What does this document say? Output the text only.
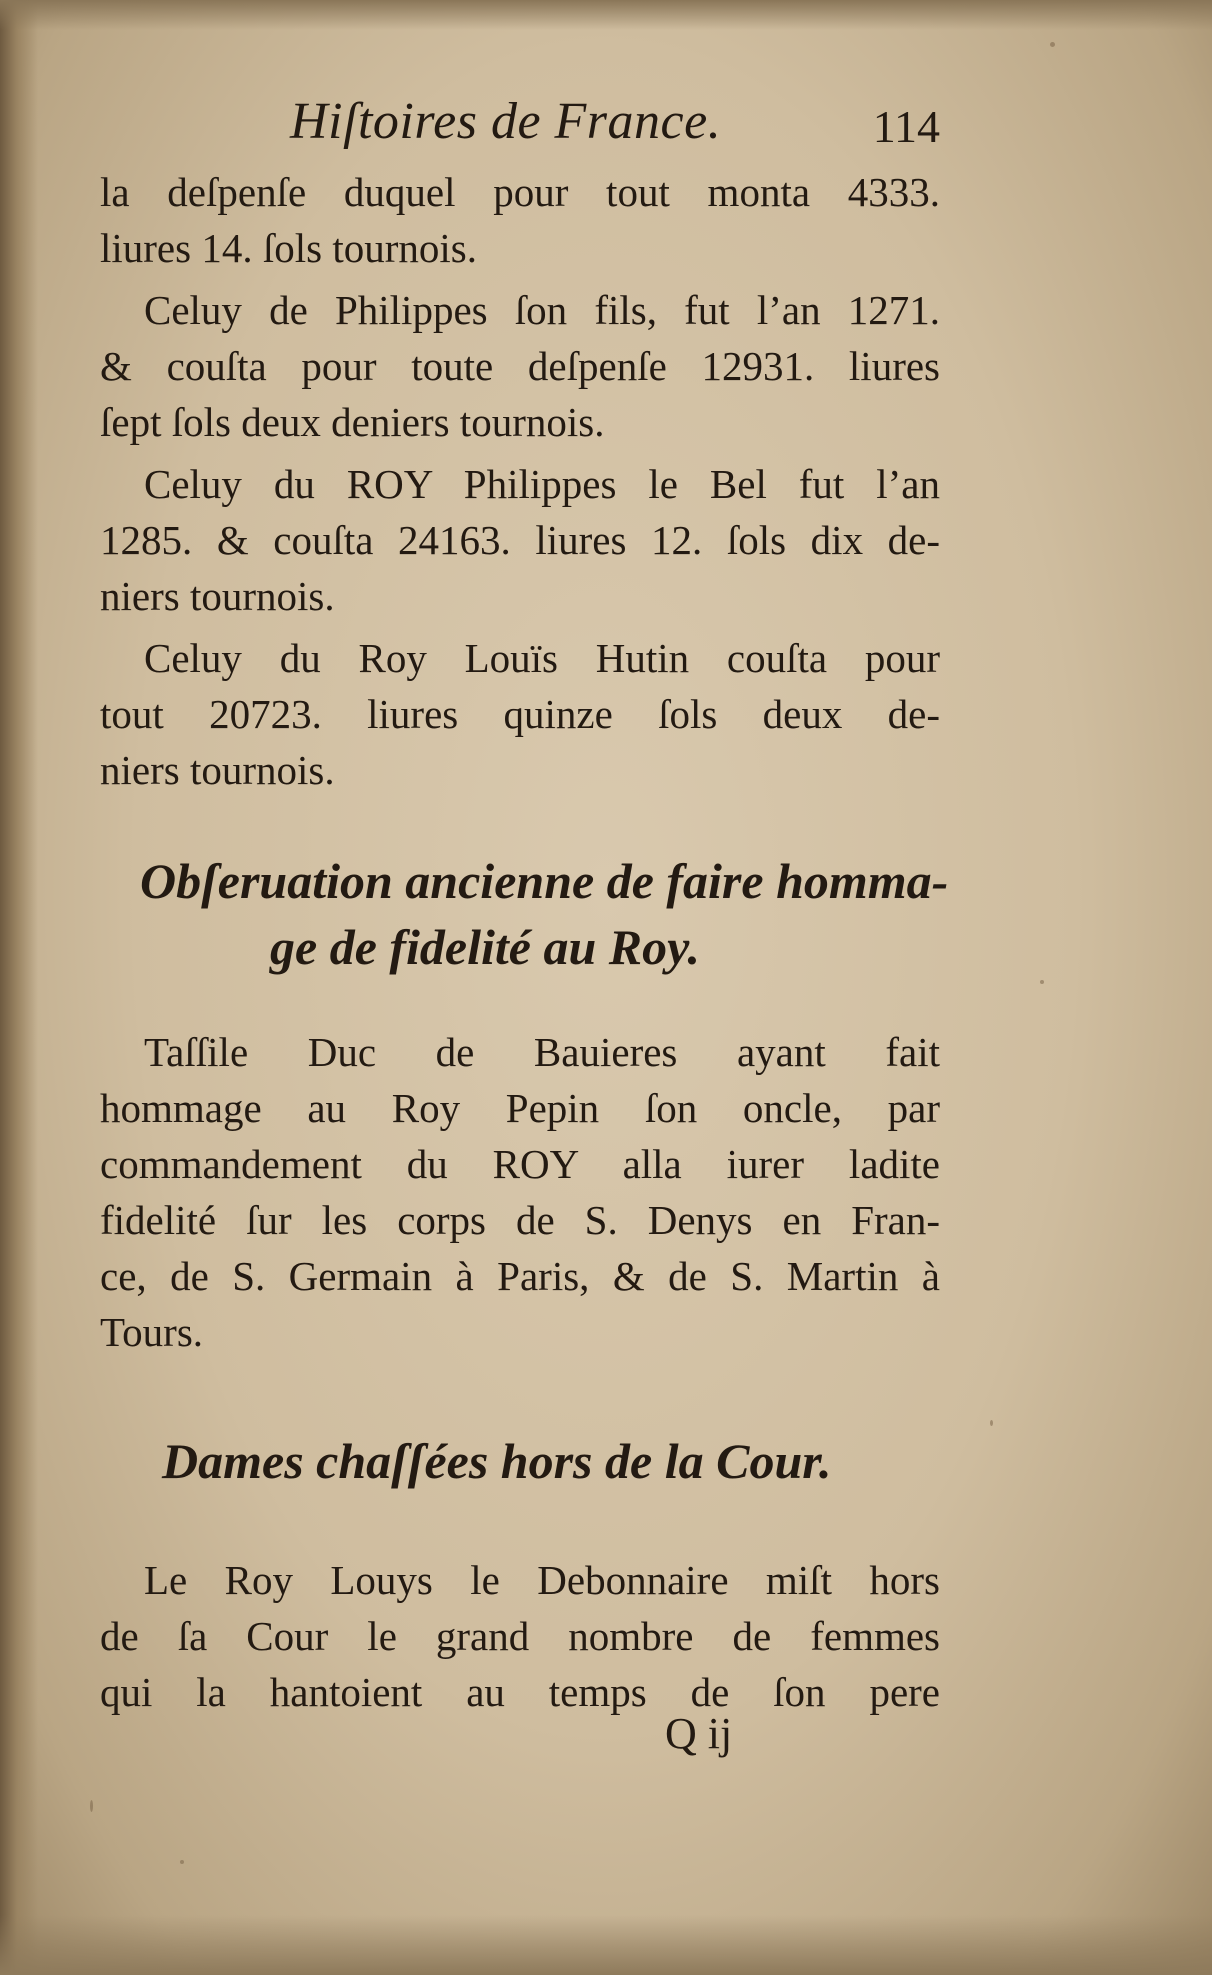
Hiſtoires de France.	114
la deſpenſe duquel pour tout monta 4333.
liures 14. ſols tournois.
Celuy de Philippes ſon fils, fut l’an 1271.
& couſta pour toute deſpenſe 12931. liures
ſept ſols deux deniers tournois.
Celuy du ROY Philippes le Bel fut l’an
1285. & couſta 24163. liures 12. ſols dix de-
niers tournois.
Celuy du Roy Louïs Hutin couſta pour
tout 20723. liures quinze ſols deux de-
niers tournois.
Obſeruation ancienne de faire homma-
ge de fidelité au Roy.
Taſſile Duc de Bauieres ayant fait
hommage au Roy Pepin ſon oncle, par
commandement du ROY alla iurer ladite
fidelité ſur les corps de S. Denys en Fran-
ce, de S. Germain à Paris, & de S. Martin à
Tours.
Dames chaſſées hors de la Cour.
Le Roy Louys le Debonnaire miſt hors
de ſa Cour le grand nombre de femmes
qui la hantoient au temps de ſon pere
Q ij
